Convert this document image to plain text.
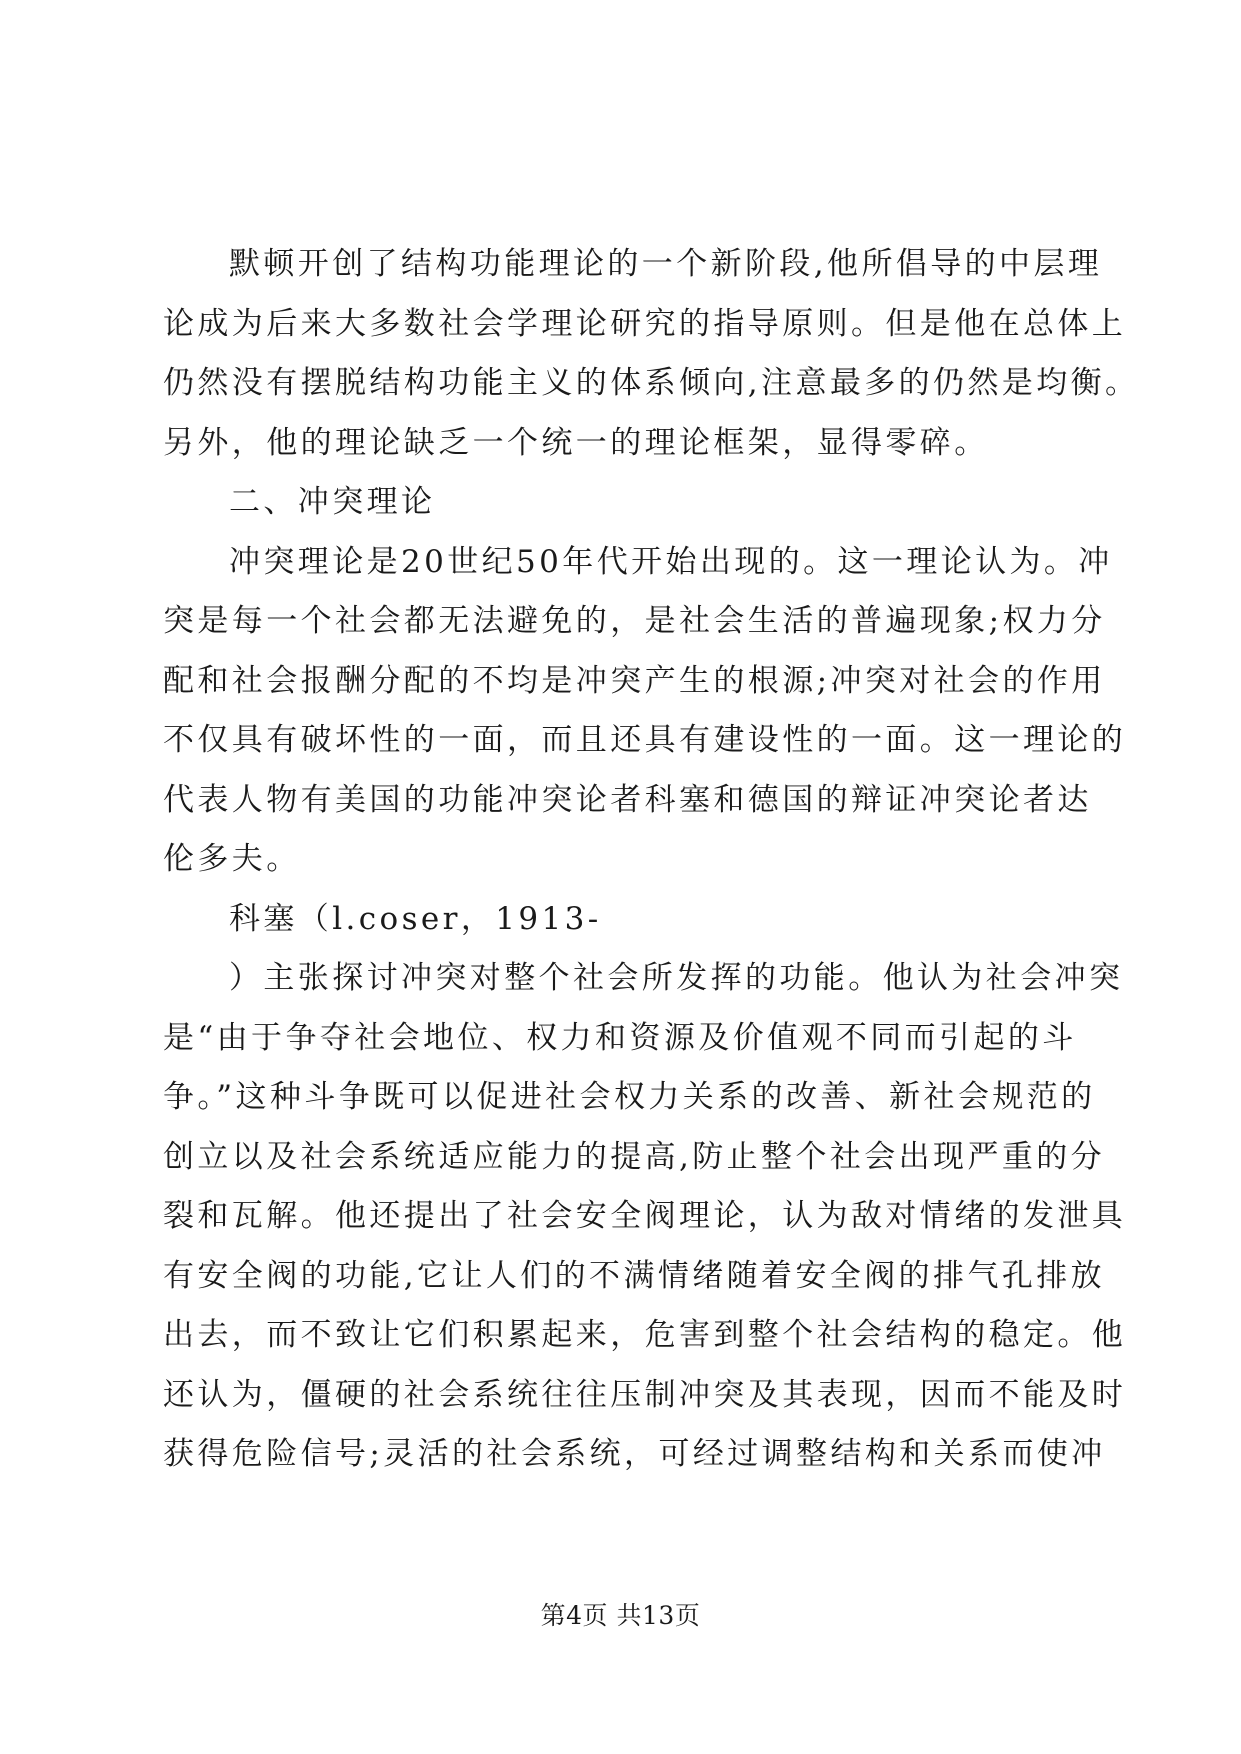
默顿开创了结构功能理论的一个新阶段,他所倡导的中层理
论成为后来大多数社会学理论研究的指导原则。但是他在总体上
仍然没有摆脱结构功能主义的体系倾向,注意最多的仍然是均衡。
另外，他的理论缺乏一个统一的理论框架，显得零碎。
二、冲突理论
冲突理论是20世纪50年代开始出现的。这一理论认为。冲
突是每一个社会都无法避免的，是社会生活的普遍现象;权力分
配和社会报酬分配的不均是冲突产生的根源;冲突对社会的作用
不仅具有破坏性的一面，而且还具有建设性的一面。这一理论的
代表人物有美国的功能冲突论者科塞和德国的辩证冲突论者达
伦多夫。
科塞（l.coser，1913-
）主张探讨冲突对整个社会所发挥的功能。他认为社会冲突
是“由于争夺社会地位、权力和资源及价值观不同而引起的斗
争。”这种斗争既可以促进社会权力关系的改善、新社会规范的
创立以及社会系统适应能力的提高,防止整个社会出现严重的分
裂和瓦解。他还提出了社会安全阀理论，认为敌对情绪的发泄具
有安全阀的功能,它让人们的不满情绪随着安全阀的排气孔排放
出去，而不致让它们积累起来，危害到整个社会结构的稳定。他
还认为，僵硬的社会系统往往压制冲突及其表现，因而不能及时
获得危险信号;灵活的社会系统，可经过调整结构和关系而使冲
第4页 共13页
